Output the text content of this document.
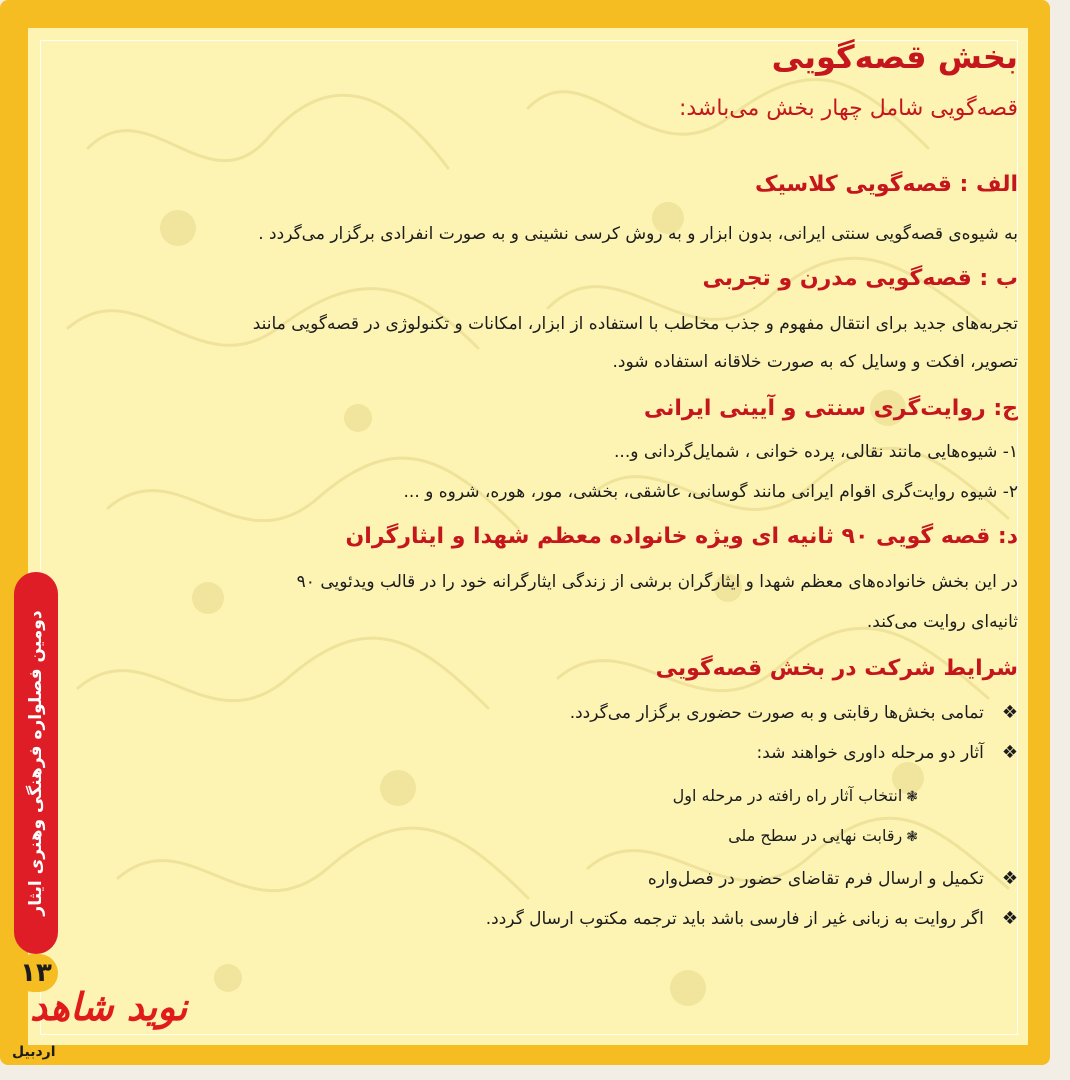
بخش قصه‌گویی
قصه‌گویی شامل چهار بخش می‌باشد:
الف : قصه‌گویی کلاسیک
به شیوه‌ی قصه‌گویی سنتی ایرانی، بدون ابزار و به روش کرسی نشینی و به صورت انفرادی برگزار می‌گردد .
ب : قصه‌گویی مدرن و تجربی
تجربه‌های جدید برای انتقال مفهوم و جذب مخاطب با استفاده از ابزار، امکانات و تکنولوژی در قصه‌گویی مانند
تصویر، افکت و وسایل که به صورت خلاقانه استفاده شود.
ج: روایت‌گری سنتی و آیینی ایرانی
۱- شیوه‌هایی مانند نقالی، پرده خوانی ، شمایل‌گردانی و...
۲- شیوه روایت‌گری اقوام ایرانی مانند گوسانی، عاشقی، بخشی، مور، هوره، شروه و ...
د: قصه گویی ۹۰ ثانیه ای ویژه خانواده معظم شهدا و ایثارگران
در این بخش خانواده‌های معظم شهدا و ایثارگران برشی از زندگی ایثارگرانه خود را در قالب ویدئویی ۹۰
ثانیه‌ای روایت می‌کند.
شرایط شرکت در بخش قصه‌گویی
❖تمامی بخش‌ها رقابتی و به صورت حضوری برگزار می‌گردد.
❖آثار دو مرحله داوری خواهند شد:
❃انتخاب آثار راه رافته در مرحله اول
❃رقابت نهایی در سطح ملی
❖تکمیل و ارسال فرم تقاضای حضور در فصل‌واره
❖اگر روایت به زبانی غیر از فارسی باشد باید ترجمه مکتوب ارسال گردد.
دومین فصلواره فرهنگی وهنری ایثار
۱۳
نوید شاهد
اردبیل
